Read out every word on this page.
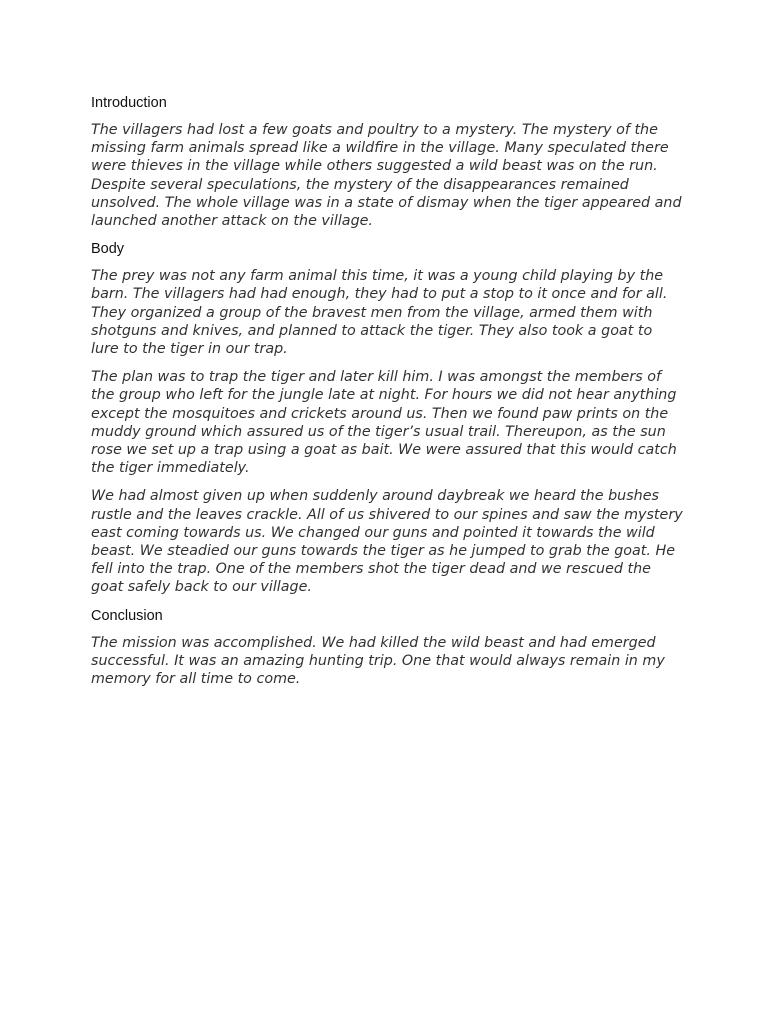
Introduction

The villagers had lost a few goats and poultry to a mystery. The mystery of the missing farm animals spread like a wildfire in the village. Many speculated there were thieves in the village while others suggested a wild beast was on the run. Despite several speculations, the mystery of the disappearances remained unsolved. The whole village was in a state of dismay when the tiger appeared and launched another attack on the village.

Body

The prey was not any farm animal this time, it was a young child playing by the barn. The villagers had had enough, they had to put a stop to it once and for all. They organized a group of the bravest men from the village, armed them with shotguns and knives, and planned to attack the tiger. They also took a goat to lure to the tiger in our trap.

The plan was to trap the tiger and later kill him. I was amongst the members of the group who left for the jungle late at night. For hours we did not hear anything except the mosquitoes and crickets around us. Then we found paw prints on the muddy ground which assured us of the tiger’s usual trail. Thereupon, as the sun rose we set up a trap using a goat as bait. We were assured that this would catch the tiger immediately.

We had almost given up when suddenly around daybreak we heard the bushes rustle and the leaves crackle. All of us shivered to our spines and saw the mystery east coming towards us. We changed our guns and pointed it towards the wild beast. We steadied our guns towards the tiger as he jumped to grab the goat. He fell into the trap. One of the members shot the tiger dead and we rescued the goat safely back to our village.

Conclusion

The mission was accomplished. We had killed the wild beast and had emerged successful. It was an amazing hunting trip. One that would always remain in my memory for all time to come.
